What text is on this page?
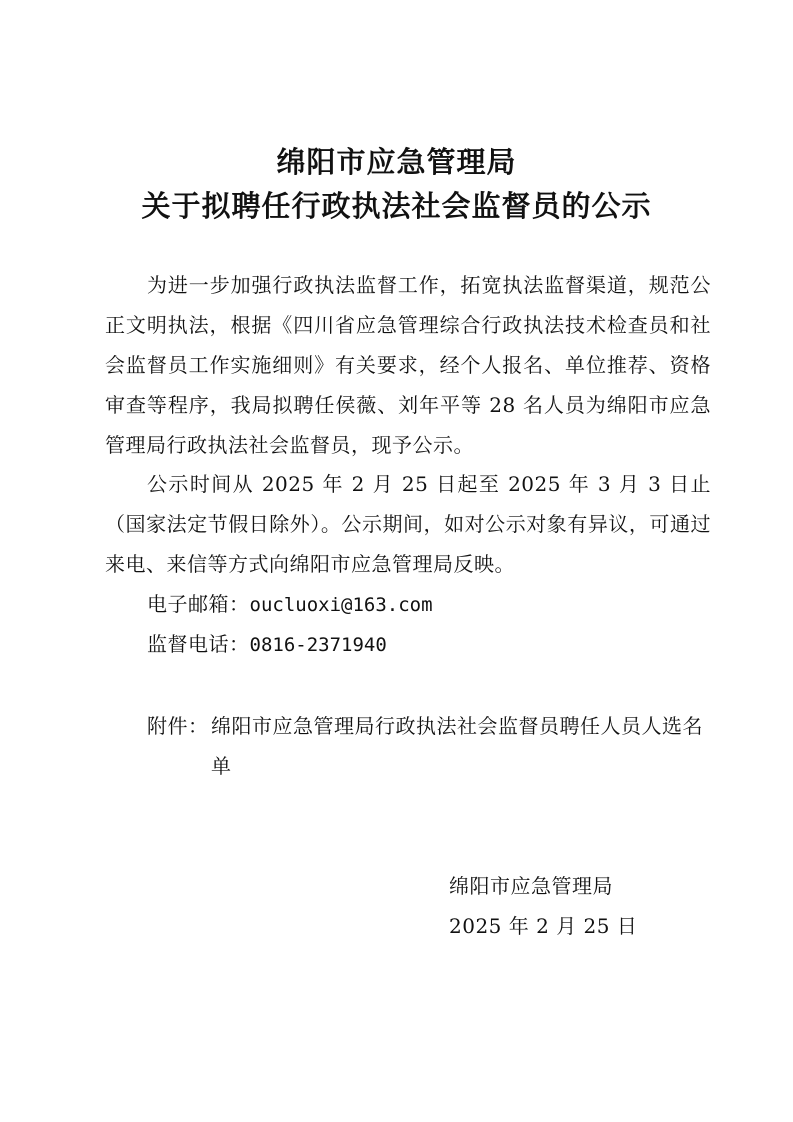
绵阳市应急管理局
关于拟聘任行政执法社会监督员的公示
为进一步加强行政执法监督工作，拓宽执法监督渠道，规范公正文明执法，根据《四川省应急管理综合行政执法技术检查员和社会监督员工作实施细则》有关要求，经个人报名、单位推荐、资格审查等程序，我局拟聘任侯薇、刘年平等 28 名人员为绵阳市应急管理局行政执法社会监督员，现予公示。
公示时间从 2025 年 2 月 25 日起至 2025 年 3 月 3 日止（国家法定节假日除外）。公示期间，如对公示对象有异议，可通过来电、来信等方式向绵阳市应急管理局反映。
电子邮箱：oucluoxi@163.com
监督电话：0816-2371940
附件： 绵阳市应急管理局行政执法社会监督员聘任人员人选名单
绵阳市应急管理局
2025 年 2 月 25 日
